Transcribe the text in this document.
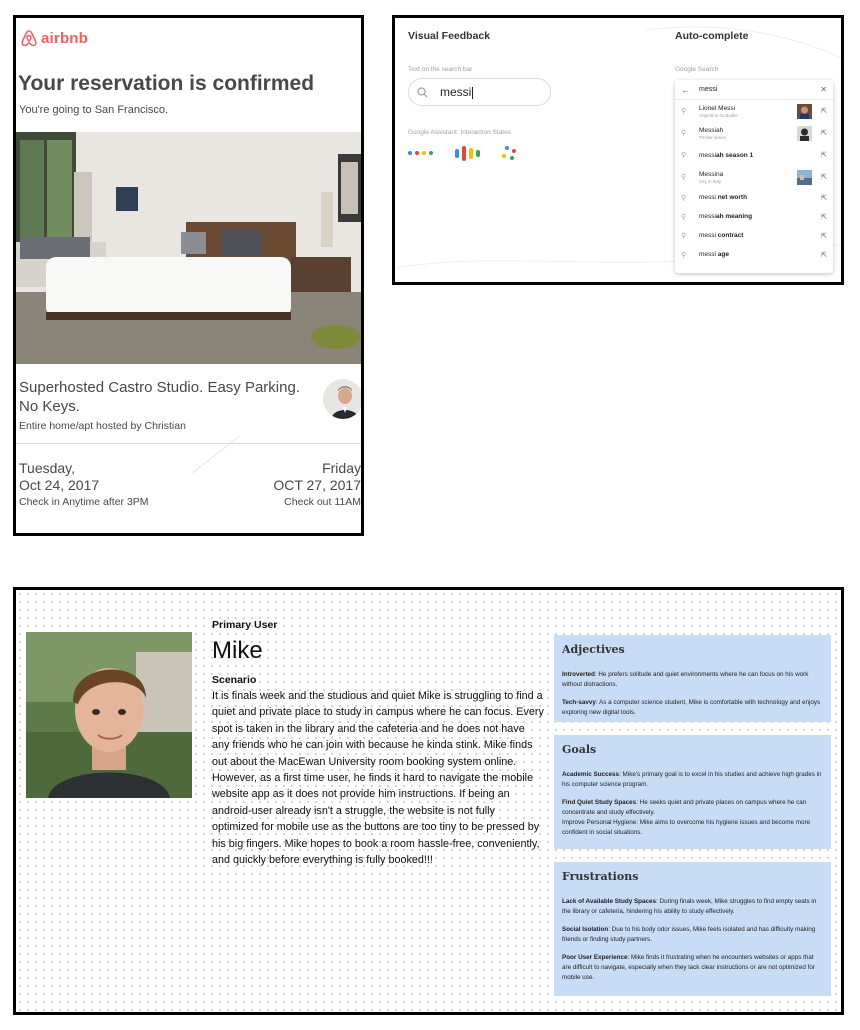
airbnb
Your reservation is confirmed
You're going to San Francisco.
Superhosted Castro Studio. Easy Parking. No Keys.
Entire home/apt hosted by Christian
Tuesday,
Oct 24, 2017
Check in Anytime after 3PM
Friday
OCT 27, 2017
Check out 11AM
Visual Feedback
Text on the search bar
messi
Google Assistant: Interaction States
Auto-complete
Google Search
← messi	✕
⚲	Lionel Messi
Argentine footballer	⇱
⚲	Messiah
Thriller series	⇱
⚲	messiah season 1	⇱
⚲	Messina
City in Italy	⇱
⚲	messi net worth	⇱
⚲	messiah meaning	⇱
⚲	messi contract	⇱
⚲	messi age	⇱
Primary User
Mike
Scenario
It is finals week and the studious and quiet Mike is struggling to find a quiet and private place to study in campus where he can focus. Every spot is taken in the library and the cafeteria and he does not have any friends who he can join with because he kinda stink. Mike finds out about the MacEwan University room booking system online. However, as a first time user, he finds it hard to navigate the mobile website app as it does not provide him instructions. If being an android-user already isn't a struggle, the website is not fully optimized for mobile use as the buttons are too tiny to be pressed by his big fingers. Mike hopes to book a room hassle-free, conveniently, and quickly before everything is fully booked!!!
Adjectives

Introverted: He prefers solitude and quiet environments where he can focus on his work without distractions.

Tech-savvy: As a computer science student, Mike is comfortable with technology and enjoys exploring new digital tools.

Goals

Academic Success: Mike's primary goal is to excel in his studies and achieve high grades in his computer science program.

Find Quiet Study Spaces: He seeks quiet and private places on campus where he can concentrate and study effectively.

Improve Personal Hygiene: Mike aims to overcome his hygiene issues and become more confident in social situations.

Frustrations

Lack of Available Study Spaces: During finals week, Mike struggles to find empty seats in the library or cafeteria, hindering his ability to study effectively.

Social Isolation: Due to his body odor issues, Mike feels isolated and has difficulty making friends or finding study partners.

Poor User Experience: Mike finds it frustrating when he encounters websites or apps that are difficult to navigate, especially when they lack clear instructions or are not optimized for mobile use.
